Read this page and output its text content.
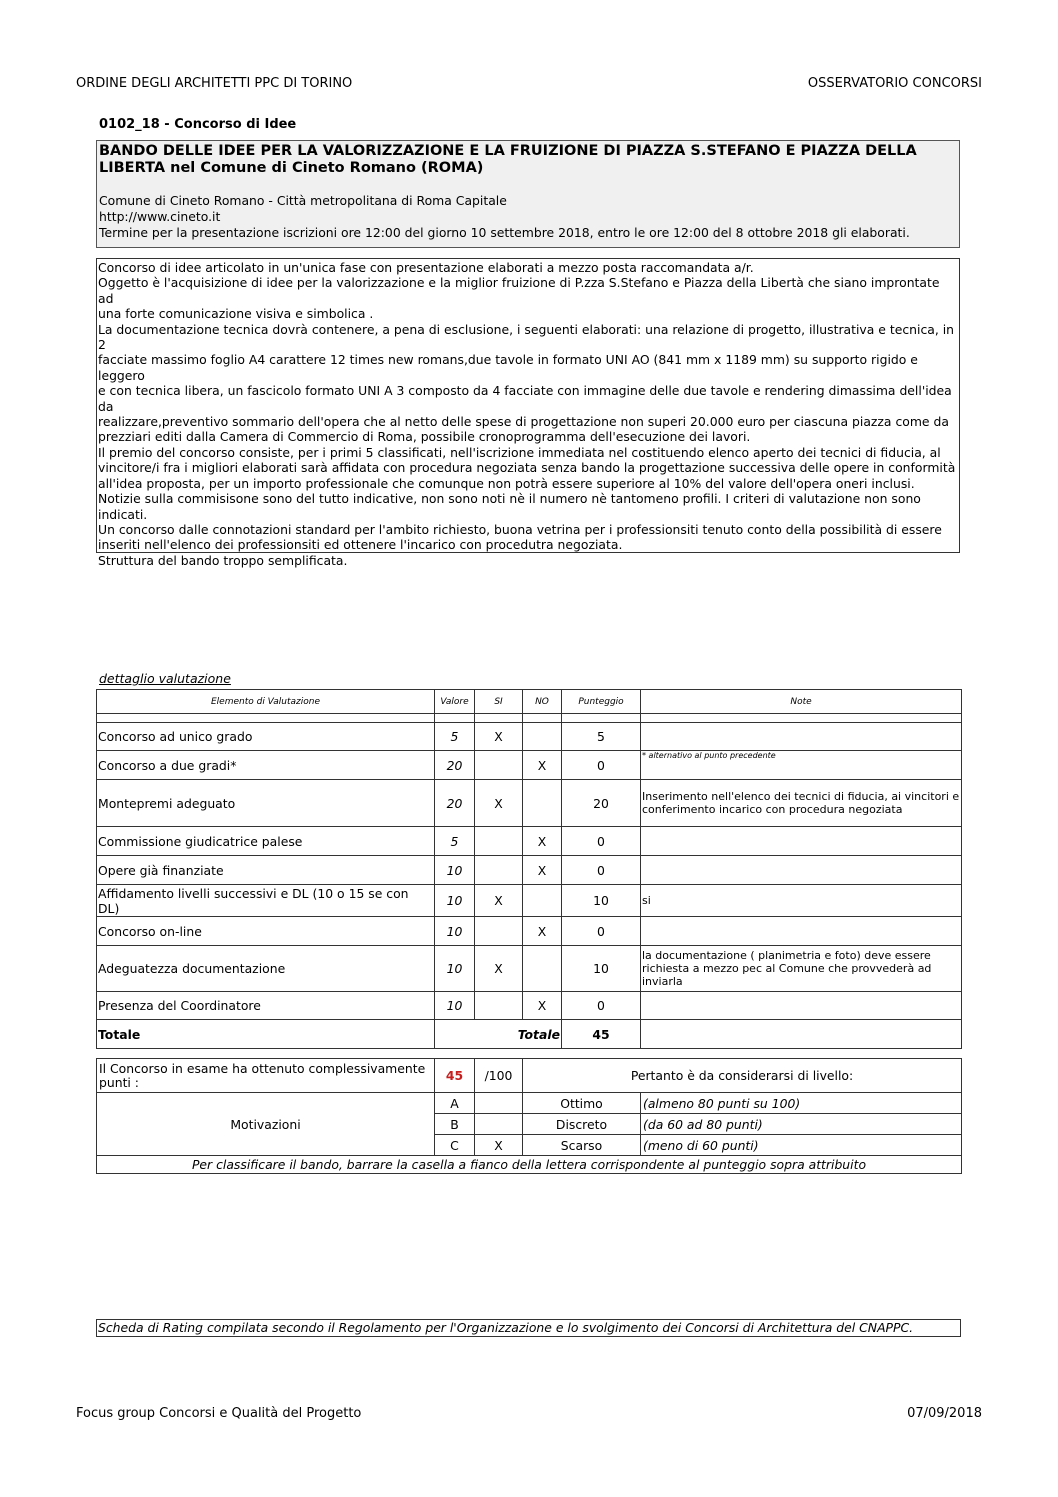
ORDINE DEGLI ARCHITETTI PPC DI TORINO	OSSERVATORIO CONCORSI
0102_18 - Concorso di Idee
BANDO DELLE IDEE PER LA VALORIZZAZIONE E LA FRUIZIONE DI PIAZZA S.STEFANO E PIAZZA DELLA
LIBERTA nel Comune di Cineto Romano (ROMA)
Comune di Cineto Romano - Città metropolitana di Roma Capitale
http://www.cineto.it
Termine per la presentazione iscrizioni ore 12:00 del giorno 10 settembre 2018, entro le ore 12:00 del 8 ottobre 2018 gli elaborati.
Concorso di idee articolato in un'unica fase con presentazione elaborati a mezzo posta raccomandata a/r.
Oggetto è l'acquisizione di idee per la valorizzazione e la miglior fruizione di P.zza S.Stefano e Piazza della Libertà che siano improntate ad
una forte comunicazione visiva e simbolica .
La documentazione tecnica dovrà contenere, a pena di esclusione, i seguenti elaborati: una relazione di progetto, illustrativa e tecnica, in 2
facciate massimo foglio A4 carattere 12 times new romans,due tavole in formato UNI AO (841 mm x 1189 mm) su supporto rigido e leggero
e con tecnica libera, un fascicolo formato UNI A 3 composto da 4 facciate con immagine delle due tavole e rendering dimassima dell'idea da
realizzare,preventivo sommario dell'opera che al netto delle spese di progettazione non superi 20.000 euro per ciascuna piazza come da
prezziari editi dalla Camera di Commercio di Roma, possibile cronoprogramma dell'esecuzione dei lavori.
Il premio del concorso consiste, per i primi 5 classificati, nell'iscrizione immediata nel costituendo elenco aperto dei tecnici di fiducia, al
vincitore/i fra i migliori elaborati sarà affidata con procedura negoziata senza bando la progettazione successiva delle opere in conformità
all'idea proposta, per un importo professionale che comunque non potrà essere superiore al 10% del valore dell'opera oneri inclusi.
Notizie sulla commisisone sono del tutto indicative, non sono noti nè il numero nè tantomeno profili. I criteri di valutazione non sono
indicati.
Un concorso dalle connotazioni standard per l'ambito richiesto, buona vetrina per i professionsiti tenuto conto della possibilità di essere
inseriti nell'elenco dei professionsiti ed ottenere l'incarico con procedutra negoziata.
Struttura del bando troppo semplificata.
dettaglio valutazione
Elemento di Valutazione	Valore	SI	NO	Punteggio	Note

Concorso ad unico grado	5	X		5	
Concorso a due gradi*	20		X	0	* alternativo al punto precedente
Montepremi adeguato	20	X		20	Inserimento nell'elenco dei tecnici di fiducia, ai vincitori e conferimento incarico con procedura negoziata
Commissione giudicatrice palese	5		X	0	
Opere già finanziate	10		X	0	
Affidamento livelli successivi e DL (10 o 15 se con DL)	10	X		10	si
Concorso on-line	10		X	0	
Adeguatezza documentazione	10	X		10	la documentazione ( planimetria e foto) deve essere richiesta a mezzo pec al Comune che provvederà ad inviarla
Presenza del Coordinatore	10		X	0	
Totale	Totale			45	
Il Concorso in esame ha ottenuto complessivamente punti :	45	/100	Pertanto è da considerarsi di livello:	
Motivazioni	A		Ottimo	(almeno 80 punti su 100)
	B		Discreto	(da 60 ad 80 punti)
	C	X	Scarso	(meno di 60 punti)
Per classificare il bando, barrare la casella a fianco della lettera corrispondente al punteggio sopra attribuito				
Scheda di Rating compilata secondo il Regolamento per l'Organizzazione e lo svolgimento dei Concorsi di Architettura del CNAPPC.
Focus group Concorsi e Qualità del Progetto	07/09/2018
